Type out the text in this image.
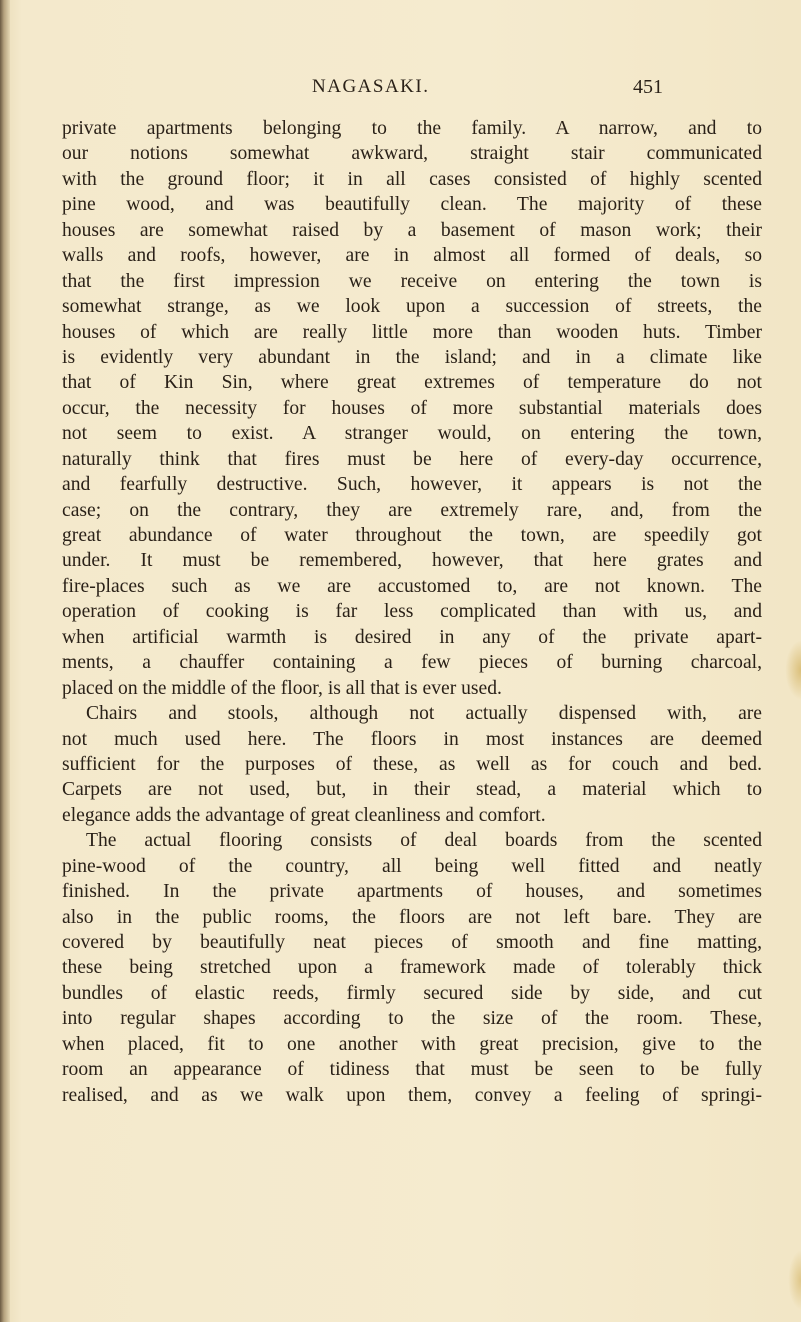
NAGASAKI.	451
private apartments belonging to the family. A narrow, and to
our notions somewhat awkward, straight stair communicated
with the ground floor; it in all cases consisted of highly scented
pine wood, and was beautifully clean. The majority of these
houses are somewhat raised by a basement of mason work; their
walls and roofs, however, are in almost all formed of deals, so
that the first impression we receive on entering the town is
somewhat strange, as we look upon a succession of streets, the
houses of which are really little more than wooden huts. Timber
is evidently very abundant in the island; and in a climate like
that of Kin Sin, where great extremes of temperature do not
occur, the necessity for houses of more substantial materials does
not seem to exist. A stranger would, on entering the town,
naturally think that fires must be here of every-day occurrence,
and fearfully destructive. Such, however, it appears is not the
case; on the contrary, they are extremely rare, and, from the
great abundance of water throughout the town, are speedily got
under. It must be remembered, however, that here grates and
fire-places such as we are accustomed to, are not known. The
operation of cooking is far less complicated than with us, and
when artificial warmth is desired in any of the private apart-
ments, a chauffer containing a few pieces of burning charcoal,
placed on the middle of the floor, is all that is ever used.
Chairs and stools, although not actually dispensed with, are
not much used here. The floors in most instances are deemed
sufficient for the purposes of these, as well as for couch and bed.
Carpets are not used, but, in their stead, a material which to
elegance adds the advantage of great cleanliness and comfort.
The actual flooring consists of deal boards from the scented
pine-wood of the country, all being well fitted and neatly
finished. In the private apartments of houses, and sometimes
also in the public rooms, the floors are not left bare. They are
covered by beautifully neat pieces of smooth and fine matting,
these being stretched upon a framework made of tolerably thick
bundles of elastic reeds, firmly secured side by side, and cut
into regular shapes according to the size of the room. These,
when placed, fit to one another with great precision, give to the
room an appearance of tidiness that must be seen to be fully
realised, and as we walk upon them, convey a feeling of springi-
